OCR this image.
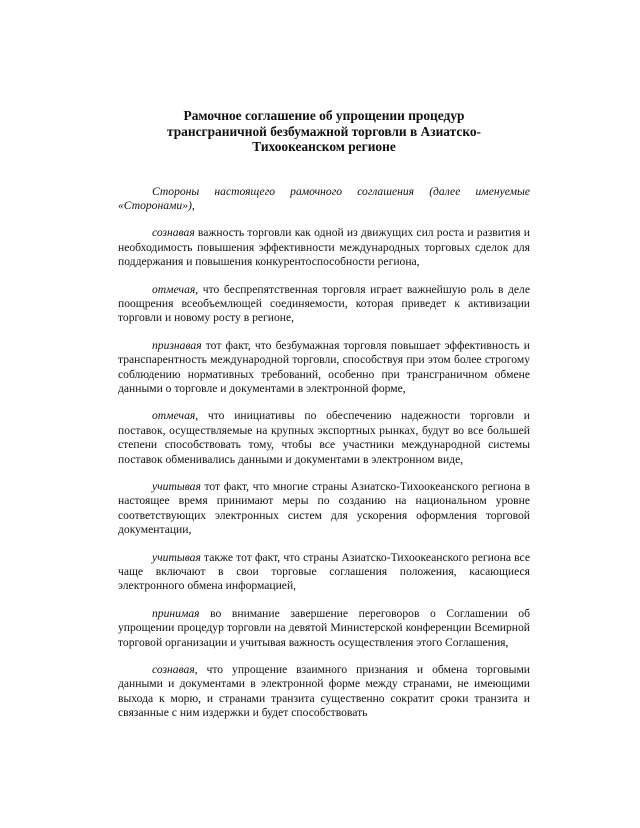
Рамочное соглашение об упрощении процедур трансграничной безбумажной торговли в Азиатско-Тихоокеанском регионе

Стороны настоящего рамочного соглашения (далее именуемые «Сторонами»),

сознавая важность торговли как одной из движущих сил роста и развития и необходимость повышения эффективности международных торговых сделок для поддержания и повышения конкурентоспособности региона,

отмечая, что беспрепятственная торговля играет важнейшую роль в деле поощрения всеобъемлющей соединяемости, которая приведет к активизации торговли и новому росту в регионе,

признавая тот факт, что безбумажная торговля повышает эффективность и транспарентность международной торговли, способствуя при этом более строгому соблюдению нормативных требований, особенно при трансграничном обмене данными о торговле и документами в электронной форме,

отмечая, что инициативы по обеспечению надежности торговли и поставок, осуществляемые на крупных экспортных рынках, будут во все большей степени способствовать тому, чтобы все участники международной системы поставок обменивались данными и документами в электронном виде,

учитывая тот факт, что многие страны Азиатско-Тихоокеанского региона в настоящее время принимают меры по созданию на национальном уровне соответствующих электронных систем для ускорения оформления торговой документации,

учитывая также тот факт, что страны Азиатско-Тихоокеанского региона все чаще включают в свои торговые соглашения положения, касающиеся электронного обмена информацией,

принимая во внимание завершение переговоров о Соглашении об упрощении процедур торговли на девятой Министерской конференции Всемирной торговой организации и учитывая важность осуществления этого Соглашения,

сознавая, что упрощение взаимного признания и обмена торговыми данными и документами в электронной форме между странами, не имеющими выхода к морю, и странами транзита существенно сократит сроки транзита и связанные с ним издержки и будет способствовать
